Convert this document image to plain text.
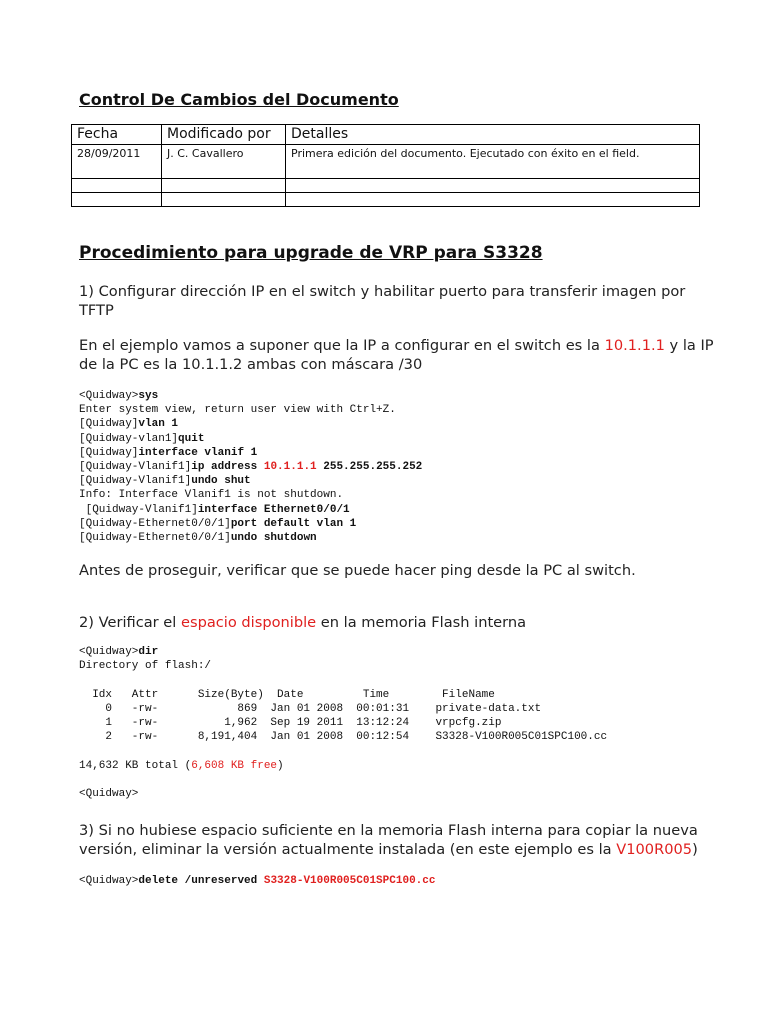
Control De Cambios del Documento
Fecha	Modificado por	Detalles
28/09/2011	J. C. Cavallero	Primera edición del documento. Ejecutado con éxito en el field.

Procedimiento para upgrade de VRP para S3328
1) Configurar dirección IP en el switch y habilitar puerto para transferir imagen por TFTP
En el ejemplo vamos a suponer que la IP a configurar en el switch es la 10.1.1.1 y la IP de la PC es la 10.1.1.2 ambas con máscara /30
<Quidway>sys
Enter system view, return user view with Ctrl+Z.
[Quidway]vlan 1
[Quidway-vlan1]quit
[Quidway]interface vlanif 1
[Quidway-Vlanif1]ip address 10.1.1.1 255.255.255.252
[Quidway-Vlanif1]undo shut
Info: Interface Vlanif1 is not shutdown.
[Quidway-Vlanif1]interface Ethernet0/0/1
[Quidway-Ethernet0/0/1]port default vlan 1
[Quidway-Ethernet0/0/1]undo shutdown
Antes de proseguir, verificar que se puede hacer ping desde la PC al switch.
2) Verificar el espacio disponible en la memoria Flash interna
<Quidway>dir
Directory of flash:/
Idx   Attr      Size(Byte)  Date         Time        FileName
0   -rw-            869  Jan 01 2008  00:01:31    private-data.txt
1   -rw-          1,962  Sep 19 2011  13:12:24    vrpcfg.zip
2   -rw-      8,191,404  Jan 01 2008  00:12:54    S3328-V100R005C01SPC100.cc
14,632 KB total (6,608 KB free)
<Quidway>
3) Si no hubiese espacio suficiente en la memoria Flash interna para copiar la nueva versión, eliminar la versión actualmente instalada (en este ejemplo es la V100R005)
<Quidway>delete /unreserved S3328-V100R005C01SPC100.cc
